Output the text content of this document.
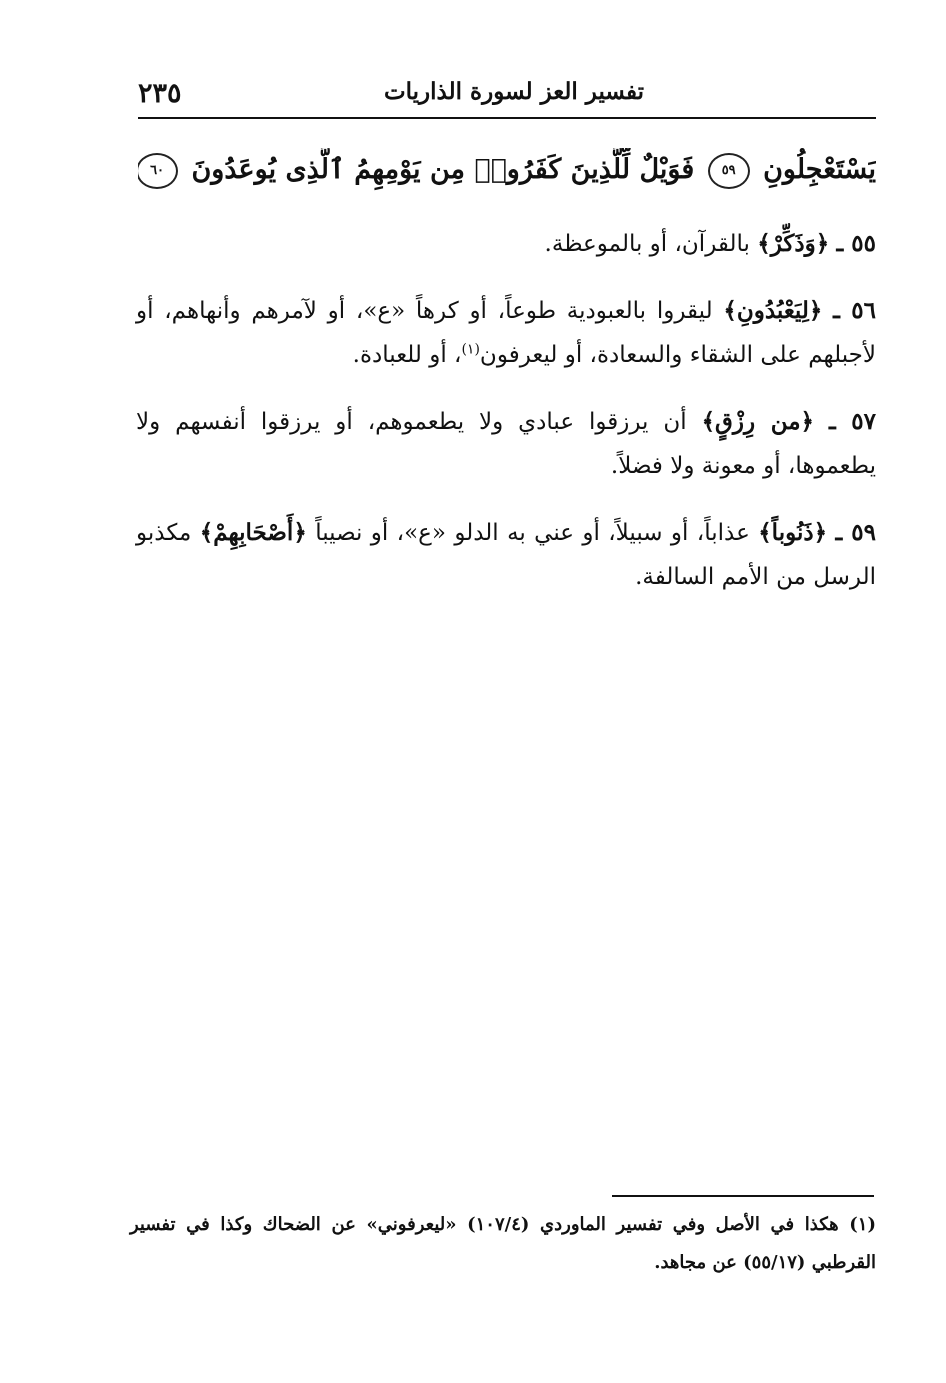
٢٣٥	تفسير العز لسورة الذاريات
يَسْتَعْجِلُونِ ٥٩ فَوَيْلٌ لِّلَّذِينَ كَفَرُوا۟ مِن يَوْمِهِمُ ٱلَّذِى يُوعَدُونَ ٦٠

٥٥ ـ ﴿وَذَكِّرْ﴾ بالقرآن، أو بالموعظة.

٥٦ ـ ﴿لِيَعْبُدُونِ﴾ ليقروا بالعبودية طوعاً، أو كرهاً «ع»، أو لآمرهم وأنهاهم، أو لأجبلهم على الشقاء والسعادة، أو ليعرفون$^{(١)}$، أو للعبادة.

٥٧ ـ ﴿من رِزْقٍ﴾ أن يرزقوا عبادي ولا يطعموهم، أو يرزقوا أنفسهم ولا يطعموها، أو معونة ولا فضلاً.

٥٩ ـ ﴿ذَنُوباً﴾ عذاباً، أو سبيلاً، أو عني به الدلو «ع»، أو نصيباً ﴿أَصْحَابِهِمْ﴾ مكذبو الرسل من الأمم السالفة.

(١) هكذا في الأصل وفي تفسير الماوردي (١٠٧/٤) «ليعرفوني» عن الضحاك وكذا في تفسير القرطبي (٥٥/١٧) عن مجاهد.
